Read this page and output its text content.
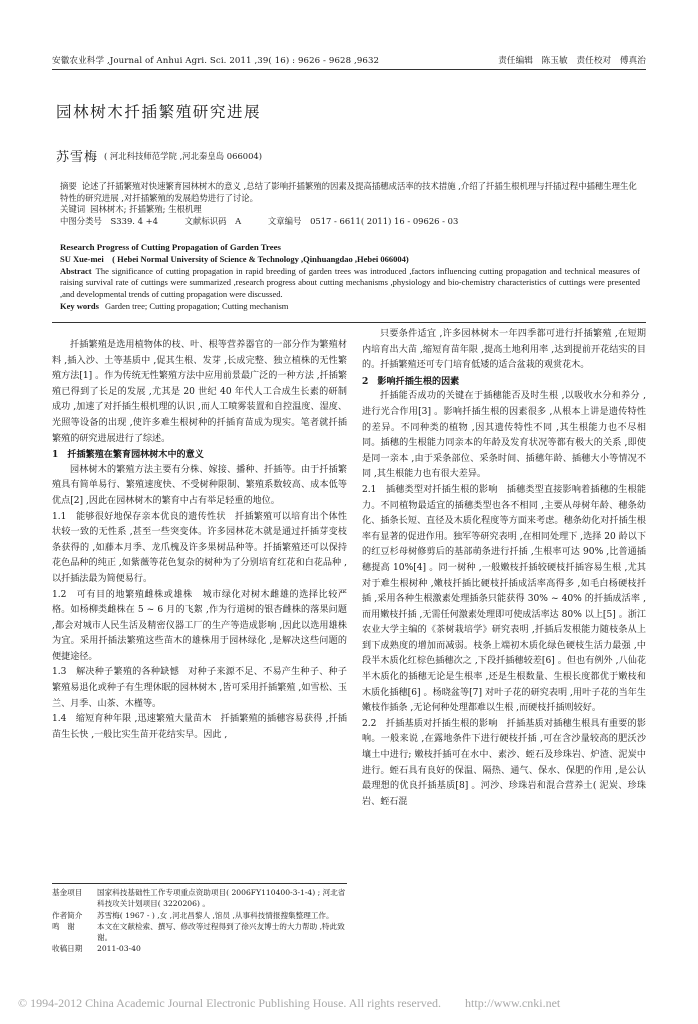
安徽农业科学 ,Journal of Anhui Agri. Sci. 2011 ,39( 16) : 9626 - 9628 ,9632	责任编辑　陈玉敏　责任校对　傅真治
园林树木扦插繁殖研究进展
苏雪梅 ( 河北科技师范学院 ,河北秦皇岛 066004)
摘要 论述了扦插繁殖对快速繁育园林树木的意义 ,总结了影响扦插繁殖的因素及提高插穗成活率的技术措施 ,介绍了扦插生根机理与扦插过程中插穗生理生化特性的研究进展 ,对扦插繁殖的发展趋势进行了讨论。
关键词 园林树木; 扦插繁殖; 生根机理
中图分类号 S339. 4 +4	文献标识码 A	文章编号 0517 - 6611( 2011) 16 - 09626 - 03
Research Progress of Cutting Propagation of Garden Trees
SU Xue-mei　( Hebei Normal University of Science & Technology ,Qinhuangdao ,Hebei 066004)
Abstract The significance of cutting propagation in rapid breeding of garden trees was introduced ,factors influencing cutting propagation and technical measures of raising survival rate of cuttings were summarized ,research progress about cutting mechanisms ,physiology and bio-chemistry characteristics of cuttings were presented ,and developmental trends of cutting propagation were discussed.
Key words Garden tree; Cutting propagation; Cutting mechanism

扦插繁殖是选用植物体的枝、叶、根等营养器官的一部分作为繁殖材料 ,插入沙、土等基质中 ,促其生根、发芽 ,长成完整、独立植株的无性繁殖方法[1] 。作为传统无性繁殖方法中应用前景最广泛的一种方法 ,扦插繁殖已得到了长足的发展 ,尤其是 20 世纪 40 年代人工合成生长素的研制成功 ,加速了对扦插生根机理的认识 ,而人工喷雾装置和自控温度、湿度、光照等设备的出现 ,使许多难生根树种的扦插育苗成为现实。笔者就扦插繁殖的研究进展进行了综述。

1　扦插繁殖在繁育园林树木中的意义

园林树木的繁殖方法主要有分株、嫁接、播种、扦插等。由于扦插繁殖具有简单易行、繁殖速度快、不受树种限制、繁殖系数较高、成本低等优点[2] ,因此在园林树木的繁育中占有举足轻重的地位。

1.1　能够很好地保存亲本优良的遗传性状　扦插繁殖可以培育出个体性状较一致的无性系 ,甚至一些突变体。许多园林花木就是通过扦插芽变枝条获得的 ,如藤本月季、龙爪槐及许多果树品种等。扦插繁殖还可以保持花色品种的纯正 ,如紫薇等花色复杂的树种为了分别培育红花和白花品种 ,以扦插法最为简便易行。

1.2　可有目的地繁殖雌株或雄株　城市绿化对树木雌雄的选择比较严格。如杨柳类雌株在 5 ~ 6 月的飞絮 ,作为行道树的银杏雌株的落果问题 ,都会对城市人民生活及精密仪器工厂的生产等造成影响 ,因此以选用雄株为宜。采用扦插法繁殖这些苗木的雄株用于园林绿化 ,是解决这些问题的便捷途径。

1.3　解决种子繁殖的各种缺憾　对种子来源不足、不易产生种子、种子繁殖易退化或种子有生理休眠的园林树木 ,皆可采用扦插繁殖 ,如雪松、玉兰、月季、山茶、木槿等。

1.4　缩短育种年限 ,迅速繁殖大量苗木　扦插繁殖的插穗容易获得 ,扦插苗生长快 ,一般比实生苗开花结实早。因此 ,

只要条件适宜 ,许多园林树木一年四季都可进行扦插繁殖 ,在短期内培育出大苗 ,缩短育苗年限 ,提高土地利用率 ,达到提前开花结实的目的。扦插繁殖还可专门培育低矮的适合盆栽的观赏花木。

2　影响扦插生根的因素

扦插能否成功的关键在于插穗能否及时生根 ,以吸收水分和养分 ,进行光合作用[3] 。影响扦插生根的因素很多 ,从根本上讲是遗传特性的差异。不同种类的植物 ,因其遗传特性不同 ,其生根能力也不尽相同。插穗的生根能力同亲本的年龄及发育状况等都有极大的关系 ,即使是同一亲本 ,由于采条部位、采条时间、插穗年龄、插穗大小等情况不同 ,其生根能力也有很大差异。

2.1　插穗类型对扦插生根的影响　插穗类型直接影响着插穗的生根能力。不同植物最适宜的插穗类型也各不相同 ,主要从母树年龄、穗条幼化、插条长短、直径及木质化程度等方面来考虑。穗条幼化对扦插生根率有显著的促进作用。独军等研究表明 ,在相同处理下 ,选择 20 龄以下的红豆杉母树修剪后的基部萌条进行扦插 ,生根率可达 90% ,比普通插穗提高 10%[4] 。同一树种 ,一般嫩枝扦插较硬枝扦插容易生根 ,尤其对于难生根树种 ,嫩枝扦插比硬枝扦插成活率高得多 ,如毛白杨硬枝扦插 ,采用各种生根激素处理插条只能获得 30% ~ 40% 的扦插成活率 ,而用嫩枝扦插 ,无需任何激素处理即可使成活率达 80% 以上[5] 。浙江农业大学主编的《茶树栽培学》研究表明 ,扦插后发根能力随枝条从上到下成熟度的增加而减弱。枝条上端初木质化绿色硬枝生活力最强 ,中段半木质化红棕色插穗次之 ,下段扦插穗较差[6] 。但也有例外 ,八仙花半木质化的插穗无论是生根率 ,还是生根数量、生根长度都优于嫩枝和木质化插穗[6] 。杨晓盆等[7] 对叶子花的研究表明 ,用叶子花的当年生嫩枝作插条 ,无论何种处理都难以生根 ,而硬枝扦插则较好。

2.2　扦插基质对扦插生根的影响　扦插基质对插穗生根具有重要的影响。一般来说 ,在露地条件下进行硬枝扦插 ,可在含沙量较高的肥沃沙壤土中进行; 嫩枝扦插可在水中、素沙、蛭石及珍珠岩、炉渣、泥炭中进行。蛭石具有良好的保温、隔热、通气、保水、保肥的作用 ,是公认最理想的优良扦插基质[8] 。河沙、珍珠岩和混合营养土( 泥炭、珍珠岩、蛭石混

基金项目	国家科技基础性工作专项重点资助项目( 2006FY110400-3-1-4) ; 河北省科技攻关计划项目( 3220206) 。
作者简介	苏雪梅( 1967 - ) ,女 ,河北昌黎人 ,馆员 ,从事科技情报搜集整理工作。
鸣　谢	本文在文献检索、撰写、修改等过程得到了徐兴友博士的大力帮助 ,特此致谢。
收稿日期	2011-03-40
© 1994-2012 China Academic Journal Electronic Publishing House. All rights reserved.　　http://www.cnki.net
